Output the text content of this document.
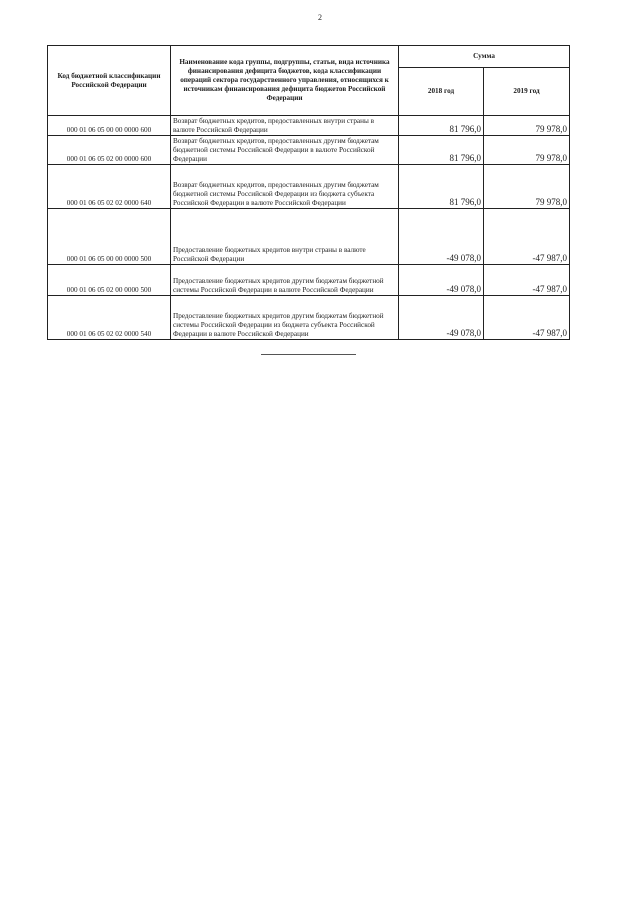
2
Код бюджетной классификации Российской Федерации	Наименование кода группы, подгруппы, статьи, вида источника финансирования дефицита бюджетов, кода классификации операций сектора государственного управления, относящихся к источникам финансирования дефицита бюджетов Российской Федерации	Сумма	
		2018 год	2019 год
000 01 06 05 00 00 0000 600	Возврат бюджетных кредитов, предоставленных внутри страны в валюте Российской Федерации	81 796,0	79 978,0
000 01 06 05 02 00 0000 600	Возврат бюджетных кредитов, предоставленных другим бюджетам бюджетной системы Российской Федерации в валюте Российской Федерации	81 796,0	79 978,0
000 01 06 05 02 02 0000 640	Возврат бюджетных кредитов, предоставленных другим бюджетам бюджетной системы Российской Федерации из бюджета субъекта Российской Федерации в валюте Российской Федерации	81 796,0	79 978,0
000 01 06 05 00 00 0000 500	Предоставление бюджетных кредитов внутри страны в валюте Российской Федерации	-49 078,0	-47 987,0
000 01 06 05 02 00 0000 500	Предоставление бюджетных кредитов другим бюджетам бюджетной системы Российской Федерации в валюте Российской Федерации	-49 078,0	-47 987,0
000 01 06 05 02 02 0000 540	Предоставление бюджетных кредитов другим бюджетам бюджетной системы Российской Федерации из бюджета субъекта Российской Федерации в валюте Российской Федерации	-49 078,0	-47 987,0
